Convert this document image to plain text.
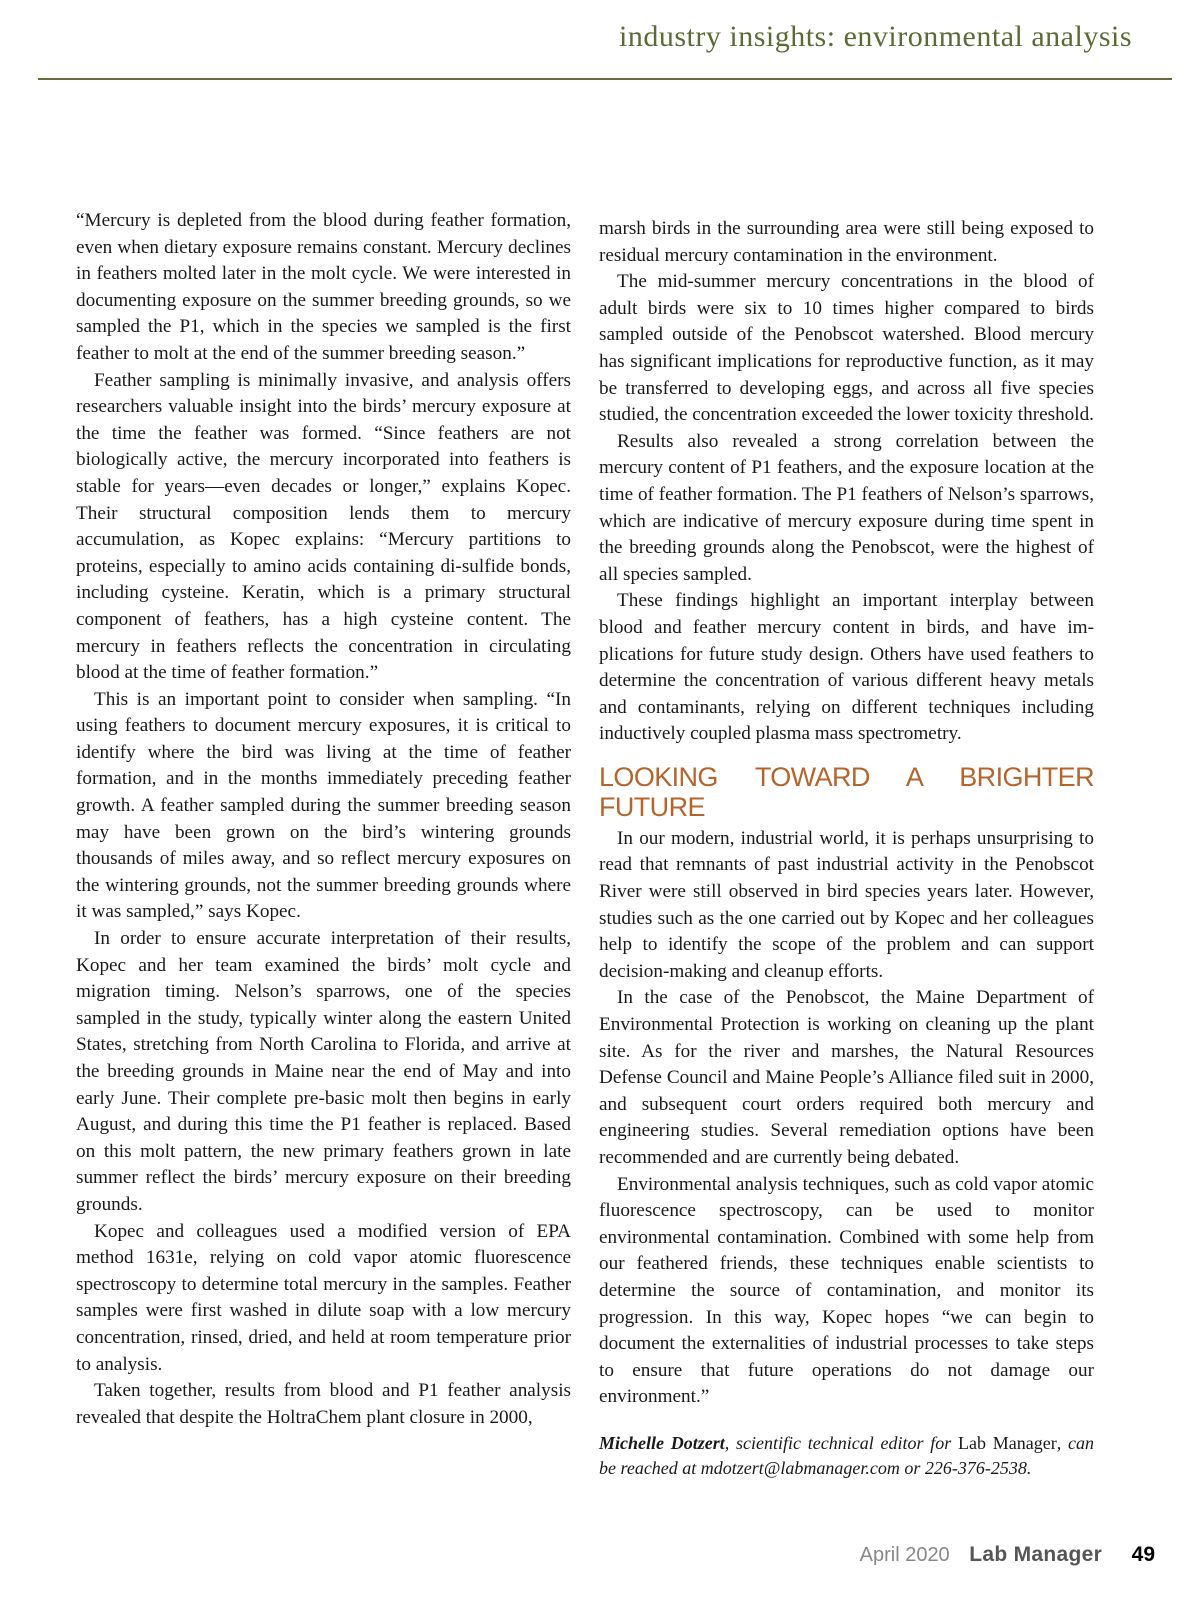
industry insights: environmental analysis

“Mercury is depleted from the blood during feather formation, even when dietary exposure remains constant. Mercury declines in feathers molted later in the molt cycle. We were interested in documenting exposure on the summer breeding grounds, so we sampled the P1, which in the species we sampled is the first feather to molt at the end of the summer breeding season.”

Feather sampling is minimally invasive, and analysis offers researchers valuable insight into the birds’ mercury exposure at the time the feather was formed. “Since feathers are not biologically active, the mercury incorporated into feathers is stable for years—even decades or longer,” explains Kopec. Their structural composition lends them to mercury accumulation, as Kopec explains: “Mercury partitions to proteins, especially to amino acids containing di-sulfide bonds, including cysteine. Keratin, which is a primary structural component of feathers, has a high cysteine content. The mercury in feathers reflects the concentration in circulating blood at the time of feather formation.”

This is an important point to consider when sampling. “In using feathers to document mercury exposures, it is critical to identify where the bird was living at the time of feather formation, and in the months immediately preceding feather growth. A feather sampled during the summer breeding season may have been grown on the bird’s wintering grounds thousands of miles away, and so reflect mercury exposures on the wintering grounds, not the summer breeding grounds where it was sampled,” says Kopec.

In order to ensure accurate interpretation of their results, Kopec and her team examined the birds’ molt cycle and migration timing. Nelson’s sparrows, one of the species sampled in the study, typically winter along the eastern United States, stretching from North Carolina to Florida, and arrive at the breeding grounds in Maine near the end of May and into early June. Their complete pre-basic molt then begins in early August, and during this time the P1 feather is replaced. Based on this molt pattern, the new primary feathers grown in late summer reflect the birds’ mercury exposure on their breeding grounds.

Kopec and colleagues used a modified version of EPA method 1631e, relying on cold vapor atomic fluorescence spectroscopy to determine total mercury in the samples. Feather samples were first washed in dilute soap with a low mercury concentration, rinsed, dried, and held at room temperature prior to analysis.

Taken together, results from blood and P1 feather analysis revealed that despite the HoltraChem plant closure in 2000,

marsh birds in the surrounding area were still being exposed to residual mercury contamination in the environment.

The mid-summer mercury concentrations in the blood of adult birds were six to 10 times higher compared to birds sampled outside of the Penobscot watershed. Blood mercury has significant implications for reproductive function, as it may be transferred to developing eggs, and across all five species studied, the concentration exceeded the lower toxicity threshold.

Results also revealed a strong correlation between the mercury content of P1 feathers, and the exposure location at the time of feather formation. The P1 feathers of Nelson’s sparrows, which are indicative of mercury exposure during time spent in the breeding grounds along the Penobscot, were the highest of all species sampled.

These findings highlight an important interplay between blood and feather mercury content in birds, and have implications for future study design. Others have used feathers to determine the concentration of various different heavy metals and contaminants, relying on different techniques including inductively coupled plasma mass spectrometry.

LOOKING TOWARD A BRIGHTER FUTURE

In our modern, industrial world, it is perhaps unsurprising to read that remnants of past industrial activity in the Penobscot River were still observed in bird species years later. However, studies such as the one carried out by Kopec and her colleagues help to identify the scope of the problem and can support decision-making and cleanup efforts.

In the case of the Penobscot, the Maine Department of Environmental Protection is working on cleaning up the plant site. As for the river and marshes, the Natural Resources Defense Council and Maine People’s Alliance filed suit in 2000, and subsequent court orders required both mercury and engineering studies. Several remediation options have been recommended and are currently being debated.

Environmental analysis techniques, such as cold vapor atomic fluorescence spectroscopy, can be used to monitor environmental contamination. Combined with some help from our feathered friends, these techniques enable scientists to determine the source of contamination, and monitor its progression. In this way, Kopec hopes “we can begin to document the externalities of industrial processes to take steps to ensure that future operations do not damage our environment.”

Michelle Dotzert, scientific technical editor for Lab Manager, can be reached at mdotzert@labmanager.com or 226-376-2538.

April 2020 Lab Manager 49
